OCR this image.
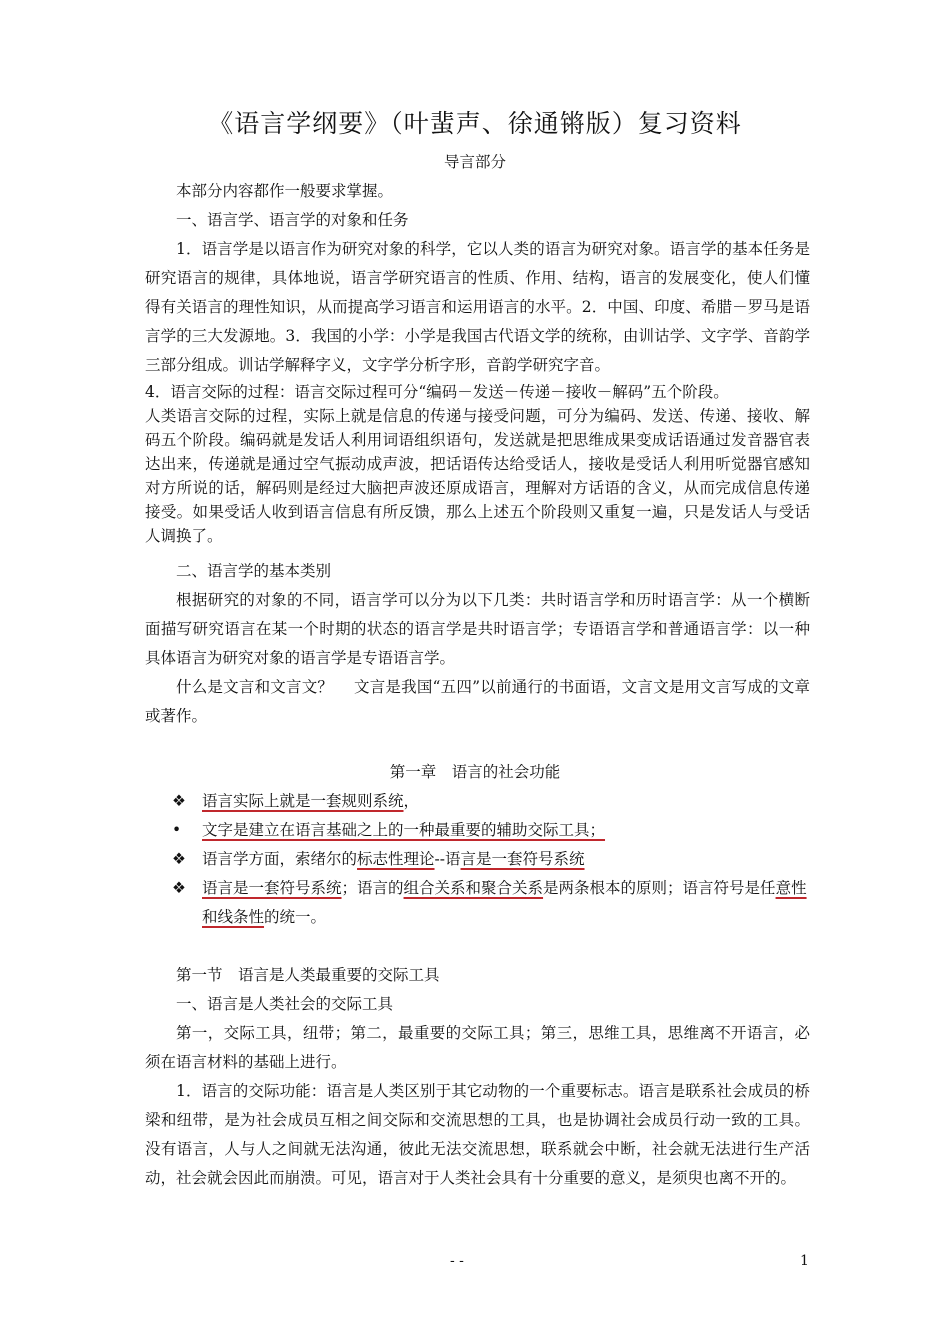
《语言学纲要》（叶蜚声、徐通锵版）复习资料
导言部分
本部分内容都作一般要求掌握。
一、语言学、语言学的对象和任务
1．语言学是以语言作为研究对象的科学，它以人类的语言为研究对象。语言学的基本任务是研究语言的规律，具体地说，语言学研究语言的性质、作用、结构，语言的发展变化，使人们懂得有关语言的理性知识，从而提高学习语言和运用语言的水平。2．中国、印度、希腊－罗马是语言学的三大发源地。3．我国的小学：小学是我国古代语文学的统称，由训诂学、文字学、音韵学三部分组成。训诂学解释字义，文字学分析字形，音韵学研究字音。
4．语言交际的过程：语言交际过程可分“编码－发送－传递－接收－解码”五个阶段。
人类语言交际的过程，实际上就是信息的传递与接受问题，可分为编码、发送、传递、接收、解码五个阶段。编码就是发话人利用词语组织语句，发送就是把思维成果变成话语通过发音器官表达出来，传递就是通过空气振动成声波，把话语传达给受话人，接收是受话人利用听觉器官感知对方所说的话，解码则是经过大脑把声波还原成语言，理解对方话语的含义，从而完成信息传递接受。如果受话人收到语言信息有所反馈，那么上述五个阶段则又重复一遍，只是发话人与受话人调换了。
二、语言学的基本类别
根据研究的对象的不同，语言学可以分为以下几类：共时语言学和历时语言学：从一个横断面描写研究语言在某一个时期的状态的语言学是共时语言学；专语语言学和普通语言学：以一种具体语言为研究对象的语言学是专语语言学。
什么是文言和文言文？　 文言是我国“五四”以前通行的书面语，文言文是用文言写成的文章或著作。
第一章　语言的社会功能
❖ 语言实际上就是一套规则系统，
• 文字是建立在语言基础之上的一种最重要的辅助交际工具；
❖ 语言学方面，索绪尔的标志性理论--语言是一套符号系统
❖ 语言是一套符号系统；语言的组合关系和聚合关系是两条根本的原则；语言符号是任意性和线条性的统一。
第一节　语言是人类最重要的交际工具
一、语言是人类社会的交际工具
第一，交际工具，纽带；第二，最重要的交际工具；第三，思维工具，思维离不开语言，必须在语言材料的基础上进行。
1．语言的交际功能：语言是人类区别于其它动物的一个重要标志。语言是联系社会成员的桥梁和纽带，是为社会成员互相之间交际和交流思想的工具，也是协调社会成员行动一致的工具。没有语言，人与人之间就无法沟通，彼此无法交流思想，联系就会中断，社会就无法进行生产活动，社会就会因此而崩溃。可见，语言对于人类社会具有十分重要的意义，是须臾也离不开的。
- -	1
